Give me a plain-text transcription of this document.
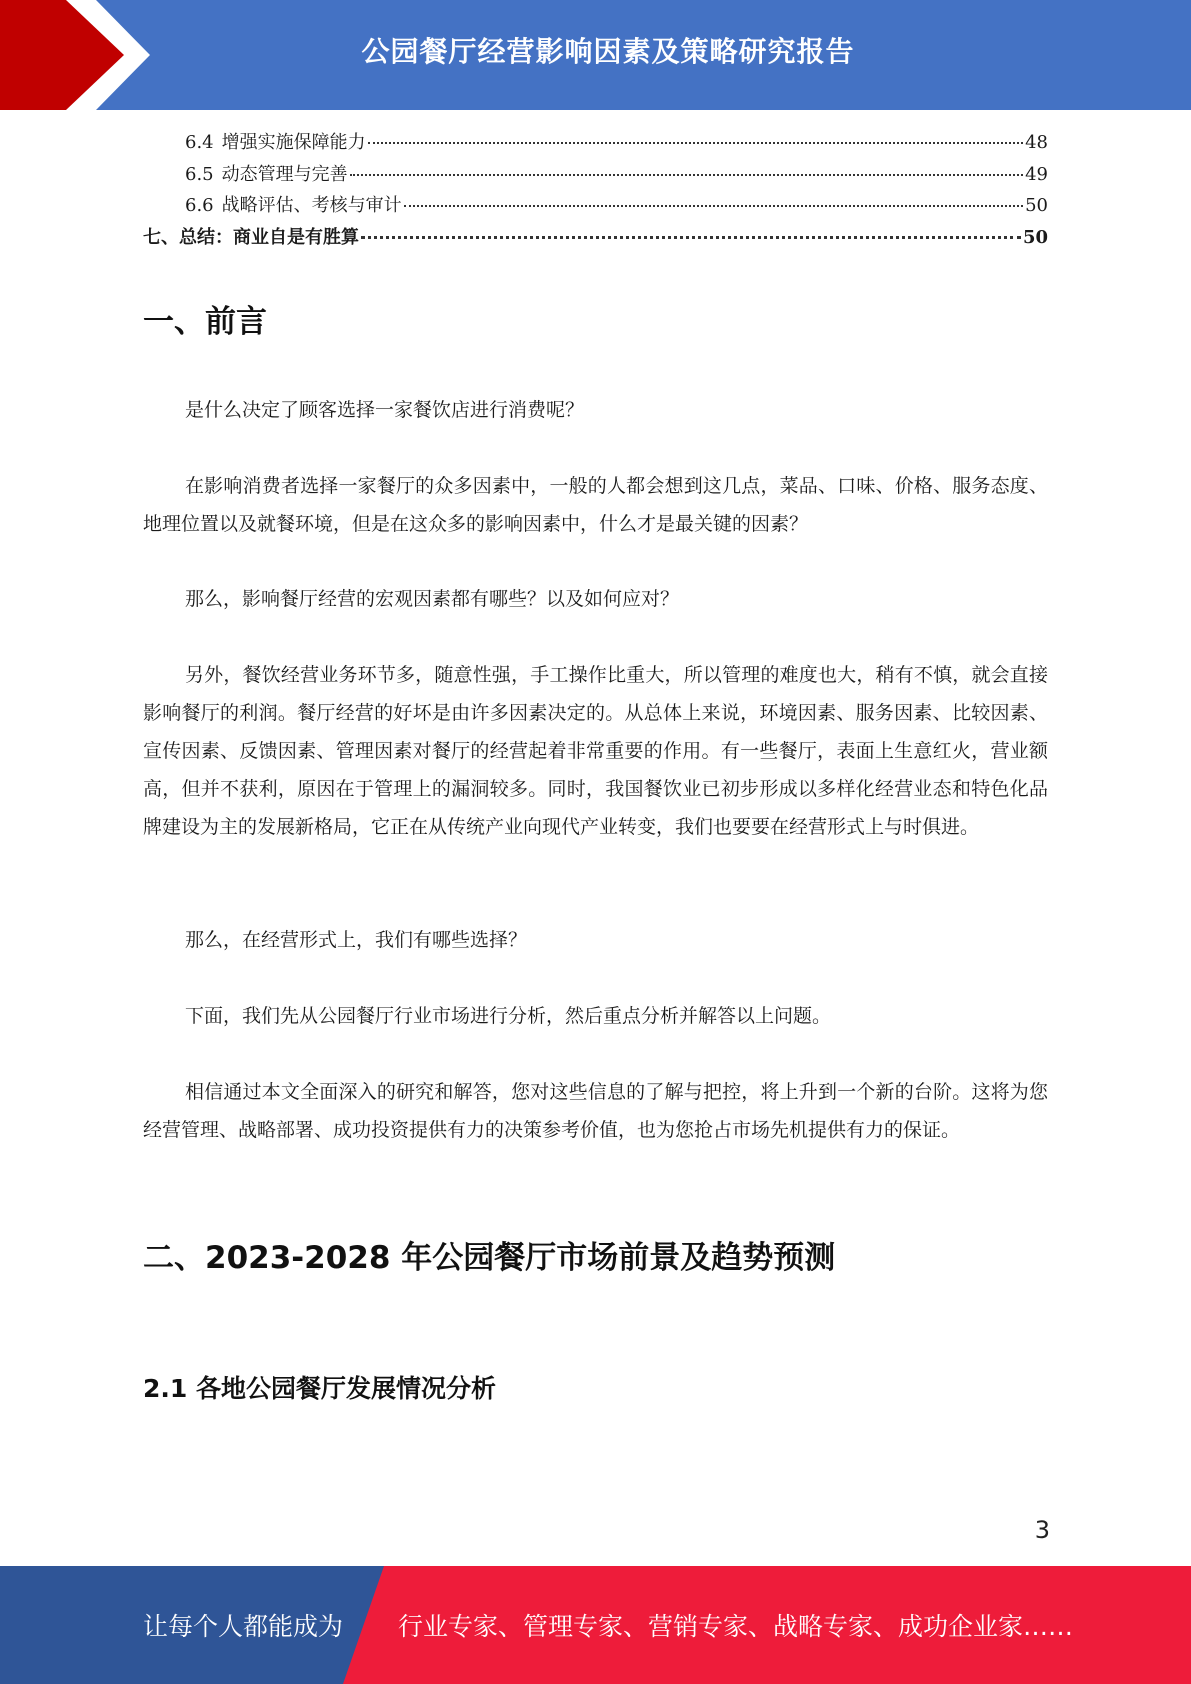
公园餐厅经营影响因素及策略研究报告
6.4 增强实施保障能力	48
6.5 动态管理与完善	49
6.6 战略评估、考核与审计	50
七、总结：商业自是有胜算	50
一、前言

是什么决定了顾客选择一家餐饮店进行消费呢？

在影响消费者选择一家餐厅的众多因素中，一般的人都会想到这几点，菜品、口味、价格、服务态度、地理位置以及就餐环境，但是在这众多的影响因素中，什么才是最关键的因素？

那么，影响餐厅经营的宏观因素都有哪些？以及如何应对？

另外，餐饮经营业务环节多，随意性强，手工操作比重大，所以管理的难度也大，稍有不慎，就会直接影响餐厅的利润。餐厅经营的好坏是由许多因素决定的。从总体上来说，环境因素、服务因素、比较因素、宣传因素、反馈因素、管理因素对餐厅的经营起着非常重要的作用。有一些餐厅，表面上生意红火，营业额高，但并不获利，原因在于管理上的漏洞较多。同时，我国餐饮业已初步形成以多样化经营业态和特色化品牌建设为主的发展新格局，它正在从传统产业向现代产业转变，我们也要要在经营形式上与时俱进。

那么，在经营形式上，我们有哪些选择？

下面，我们先从公园餐厅行业市场进行分析，然后重点分析并解答以上问题。

相信通过本文全面深入的研究和解答，您对这些信息的了解与把控，将上升到一个新的台阶。这将为您经营管理、战略部署、成功投资提供有力的决策参考价值，也为您抢占市场先机提供有力的保证。

二、2023-2028 年公园餐厅市场前景及趋势预测
2.1 各地公园餐厅发展情况分析
3
让每个人都能成为 行业专家、管理专家、营销专家、战略专家、成功企业家……
